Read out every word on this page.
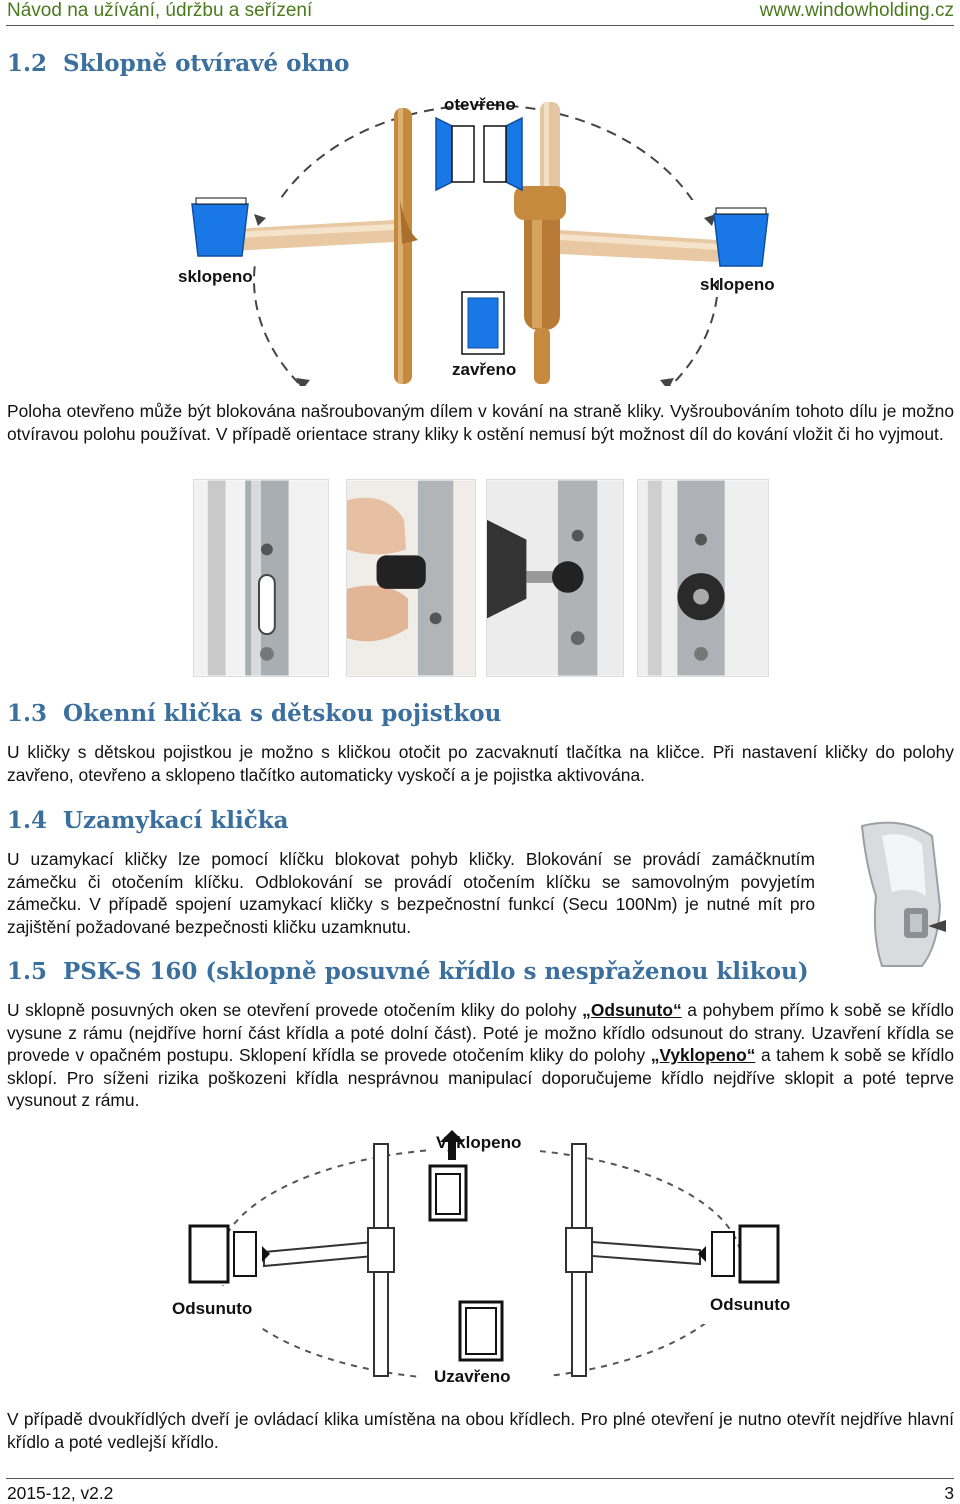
Návod na užívání, údržbu a seřízení	www.windowholding.cz
1.2 Sklopně otvíravé okno
otevřeno
sklopeno	sklopeno
zavřeno

Poloha otevřeno může být blokována našroubovaným dílem v kování na straně kliky. Vyšroubováním tohoto dílu je možno otvíravou polohu používat. V případě orientace strany kliky k ostění nemusí být možnost díl do kování vložit či ho vyjmout.

1.3 Okenní klička s dětskou pojistkou

U kličky s dětskou pojistkou je možno s kličkou otočit po zacvaknutí tlačítka na kličce. Při nastavení kličky do polohy zavřeno, otevřeno a sklopeno tlačítko automaticky vyskočí a je pojistka aktivována.

1.4 Uzamykací klička

U uzamykací kličky lze pomocí klíčku blokovat pohyb kličky. Blokování se provádí zamáčknutím zámečku či otočením klíčku. Odblokování se provádí otočením klíčku se samovolným povyjetím zámečku. V případě spojení uzamykací kličky s bezpečnostní funkcí (Secu 100Nm) je nutné mít pro zajištění požadované bezpečnosti kličku uzamknutu.

1.5 PSK-S 160 (sklopně posuvné křídlo s nespřaženou klikou)

U sklopně posuvných oken se otevření provede otočením kliky do polohy „Odsunuto“ a pohybem přímo k sobě se křídlo vysune z rámu (nejdříve horní část křídla a poté dolní část). Poté je možno křídlo odsunout do strany. Uzavření křídla se provede v opačném postupu. Sklopení křídla se provede otočením kliky do polohy „Vyklopeno“ a tahem k sobě se křídlo sklopí. Pro síženi rizika poškozeni křídla nesprávnou manipulací doporučujeme křídlo nejdříve sklopit a poté teprve vysunout z rámu.

Vyklopeno
Odsunuto	Odsunuto
Uzavřeno

V případě dvoukřídlých dveří je ovládací klika umístěna na obou křídlech. Pro plné otevření je nutno otevřít nejdříve hlavní křídlo a poté vedlejší křídlo.

2015-12, v2.2	3
